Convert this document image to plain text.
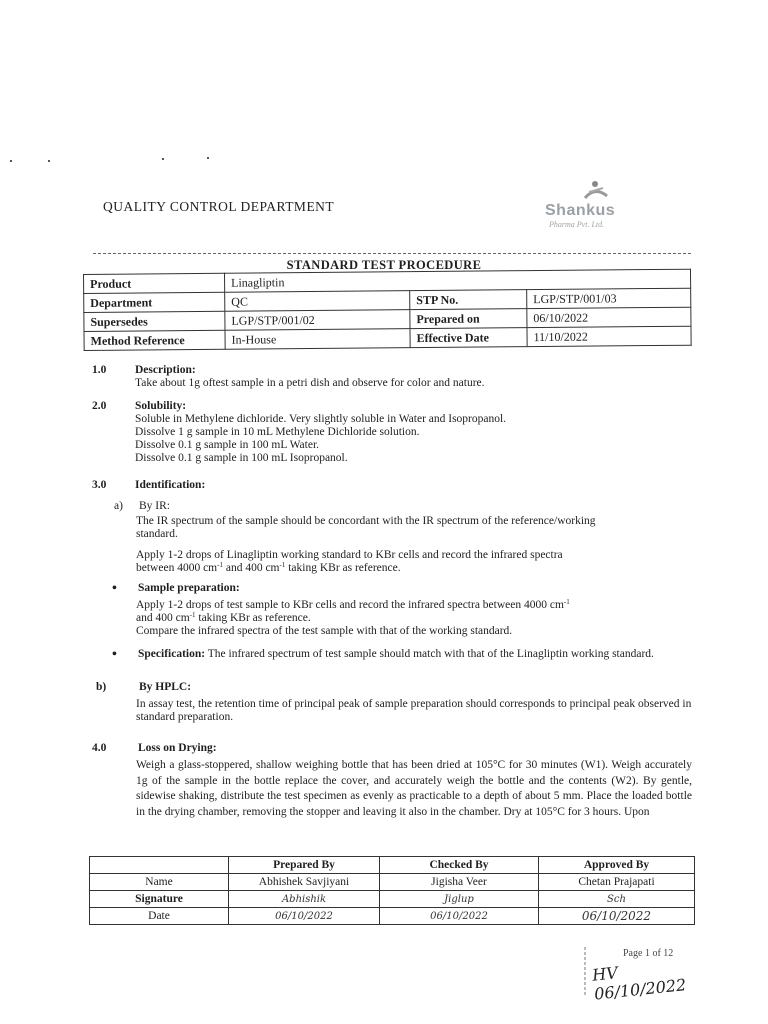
QUALITY CONTROL DEPARTMENT	Shankus
Pharma Pvt. Ltd.
STANDARD TEST PROCEDURE
Product	Linagliptin		
Department	QC	STP No.	LGP/STP/001/03
Supersedes	LGP/STP/001/02	Prepared on	06/10/2022
Method Reference	In-House	Effective Date	11/10/2022
1.0 Description:
Take about 1g oftest sample in a petri dish and observe for color and nature.
2.0 Solubility:
Soluble in Methylene dichloride. Very slightly soluble in Water and Isopropanol.
Dissolve 1 g sample in 10 mL Methylene Dichloride solution.
Dissolve 0.1 g sample in 100 mL Water.
Dissolve 0.1 g sample in 100 mL Isopropanol.
3.0 Identification:
a) By IR:
The IR spectrum of the sample should be concordant with the IR spectrum of the reference/working standard.
Apply 1-2 drops of Linagliptin working standard to KBr cells and record the infrared spectra
between 4000 $cm^{-1}$ and 400 $cm^{-1}$ taking KBr as reference.
• Sample preparation:
Apply 1-2 drops of test sample to KBr cells and record the infrared spectra between 4000 $cm^{-1}$
and 400 $cm^{-1}$ taking KBr as reference.
Compare the infrared spectra of the test sample with that of the working standard.
• Specification: The infrared spectrum of test sample should match with that of the Linagliptin working standard.
b)	By HPLC:
In assay test, the retention time of principal peak of sample preparation should corresponds to principal peak observed in standard preparation.
4.0	Loss on Drying:
Weigh a glass-stoppered, shallow weighing bottle that has been dried at 105°C for 30 minutes (W1). Weigh accurately 1g of the sample in the bottle replace the cover, and accurately weigh the bottle and the contents (W2). By gentle, sidewise shaking, distribute the test specimen as evenly as practicable to a depth of about 5 mm. Place the loaded bottle in the drying chamber, removing the stopper and leaving it also in the chamber. Dry at 105°C for 3 hours. Upon
	Prepared By	Checked By	Approved By
Name	Abhishek Savjiyani	Jigisha Veer	Chetan Prajapati
Signature	Abhishik	Jiglup	Sch
Date	06/10/2022	06/10/2022	06/10/2022
Page 1 of 12
HV 06/10/2022
